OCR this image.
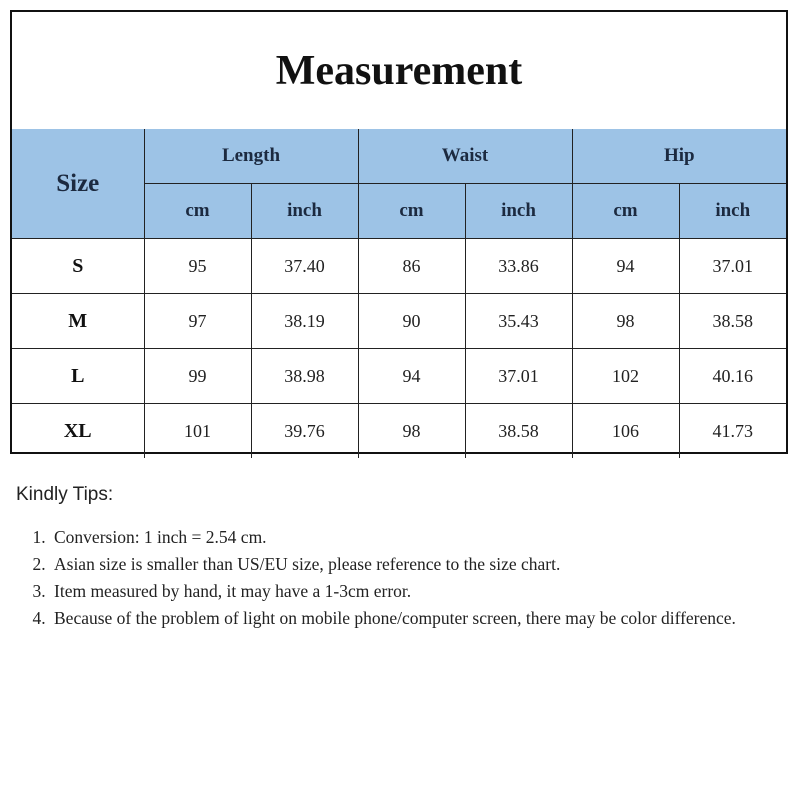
Measurement
Size	Length		Waist		Hip	
	cm	inch	cm	inch	cm	inch
S	95	37.40	86	33.86	94	37.01
M	97	38.19	90	35.43	98	38.58
L	99	38.98	94	37.01	102	40.16
XL	101	39.76	98	38.58	106	41.73
Kindly Tips:
1. Conversion: 1 inch = 2.54 cm.
2. Asian size is smaller than US/EU size, please reference to the size chart.
3. Item measured by hand, it may have a 1-3cm error.
4. Because of the problem of light on mobile phone/computer screen, there may be color difference.
